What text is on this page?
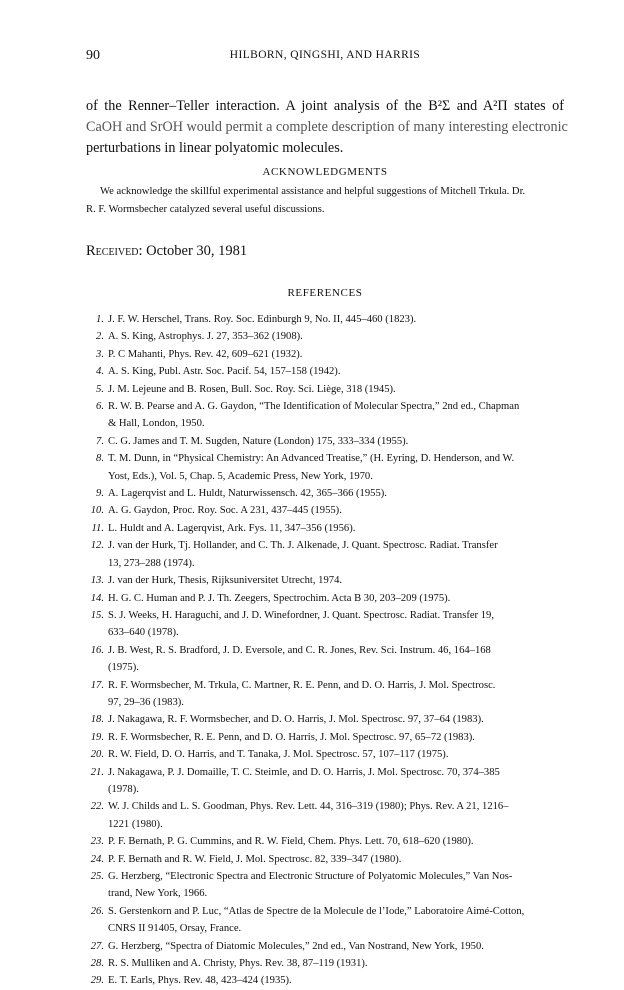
90	HILBORN, QINGSHI, AND HARRIS
of the Renner–Teller interaction. A joint analysis of the B²Σ and A²Π states of
CaOH and SrOH would permit a complete description of many interesting electronic
perturbations in linear polyatomic molecules.
ACKNOWLEDGMENTS
We acknowledge the skillful experimental assistance and helpful suggestions of Mitchell Trkula. Dr.
R. F. Wormsbecher catalyzed several useful discussions.
Received: October 30, 1981
REFERENCES
1. J. F. W. Herschel, Trans. Roy. Soc. Edinburgh 9, No. II, 445–460 (1823).
2. A. S. King, Astrophys. J. 27, 353–362 (1908).
3. P. C Mahanti, Phys. Rev. 42, 609–621 (1932).
4. A. S. King, Publ. Astr. Soc. Pacif. 54, 157–158 (1942).
5. J. M. Lejeune and B. Rosen, Bull. Soc. Roy. Sci. Liège, 318 (1945).
6. R. W. B. Pearse and A. G. Gaydon, “The Identification of Molecular Spectra,” 2nd ed., Chapman
& Hall, London, 1950.
7. C. G. James and T. M. Sugden, Nature (London) 175, 333–334 (1955).
8. T. M. Dunn, in “Physical Chemistry: An Advanced Treatise,” (H. Eyring, D. Henderson, and W.
Yost, Eds.), Vol. 5, Chap. 5, Academic Press, New York, 1970.
9. A. Lagerqvist and L. Huldt, Naturwissensch. 42, 365–366 (1955).
10. A. G. Gaydon, Proc. Roy. Soc. A 231, 437–445 (1955).
11. L. Huldt and A. Lagerqvist, Ark. Fys. 11, 347–356 (1956).
12. J. van der Hurk, Tj. Hollander, and C. Th. J. Alkenade, J. Quant. Spectrosc. Radiat. Transfer
13, 273–288 (1974).
13. J. van der Hurk, Thesis, Rijksuniversitet Utrecht, 1974.
14. H. G. C. Human and P. J. Th. Zeegers, Spectrochim. Acta B 30, 203–209 (1975).
15. S. J. Weeks, H. Haraguchi, and J. D. Winefordner, J. Quant. Spectrosc. Radiat. Transfer 19,
633–640 (1978).
16. J. B. West, R. S. Bradford, J. D. Eversole, and C. R. Jones, Rev. Sci. Instrum. 46, 164–168
(1975).
17. R. F. Wormsbecher, M. Trkula, C. Martner, R. E. Penn, and D. O. Harris, J. Mol. Spectrosc.
97, 29–36 (1983).
18. J. Nakagawa, R. F. Wormsbecher, and D. O. Harris, J. Mol. Spectrosc. 97, 37–64 (1983).
19. R. F. Wormsbecher, R. E. Penn, and D. O. Harris, J. Mol. Spectrosc. 97, 65–72 (1983).
20. R. W. Field, D. O. Harris, and T. Tanaka, J. Mol. Spectrosc. 57, 107–117 (1975).
21. J. Nakagawa, P. J. Domaille, T. C. Steimle, and D. O. Harris, J. Mol. Spectrosc. 70, 374–385
(1978).
22. W. J. Childs and L. S. Goodman, Phys. Rev. Lett. 44, 316–319 (1980); Phys. Rev. A 21, 1216–
1221 (1980).
23. P. F. Bernath, P. G. Cummins, and R. W. Field, Chem. Phys. Lett. 70, 618–620 (1980).
24. P. F. Bernath and R. W. Field, J. Mol. Spectrosc. 82, 339–347 (1980).
25. G. Herzberg, “Electronic Spectra and Electronic Structure of Polyatomic Molecules,” Van Nos-
trand, New York, 1966.
26. S. Gerstenkorn and P. Luc, “Atlas de Spectre de la Molecule de l’Iode,” Laboratoire Aimé-Cotton,
CNRS II 91405, Orsay, France.
27. G. Herzberg, “Spectra of Diatomic Molecules,” 2nd ed., Van Nostrand, New York, 1950.
28. R. S. Mulliken and A. Christy, Phys. Rev. 38, 87–119 (1931).
29. E. T. Earls, Phys. Rev. 48, 423–424 (1935).
